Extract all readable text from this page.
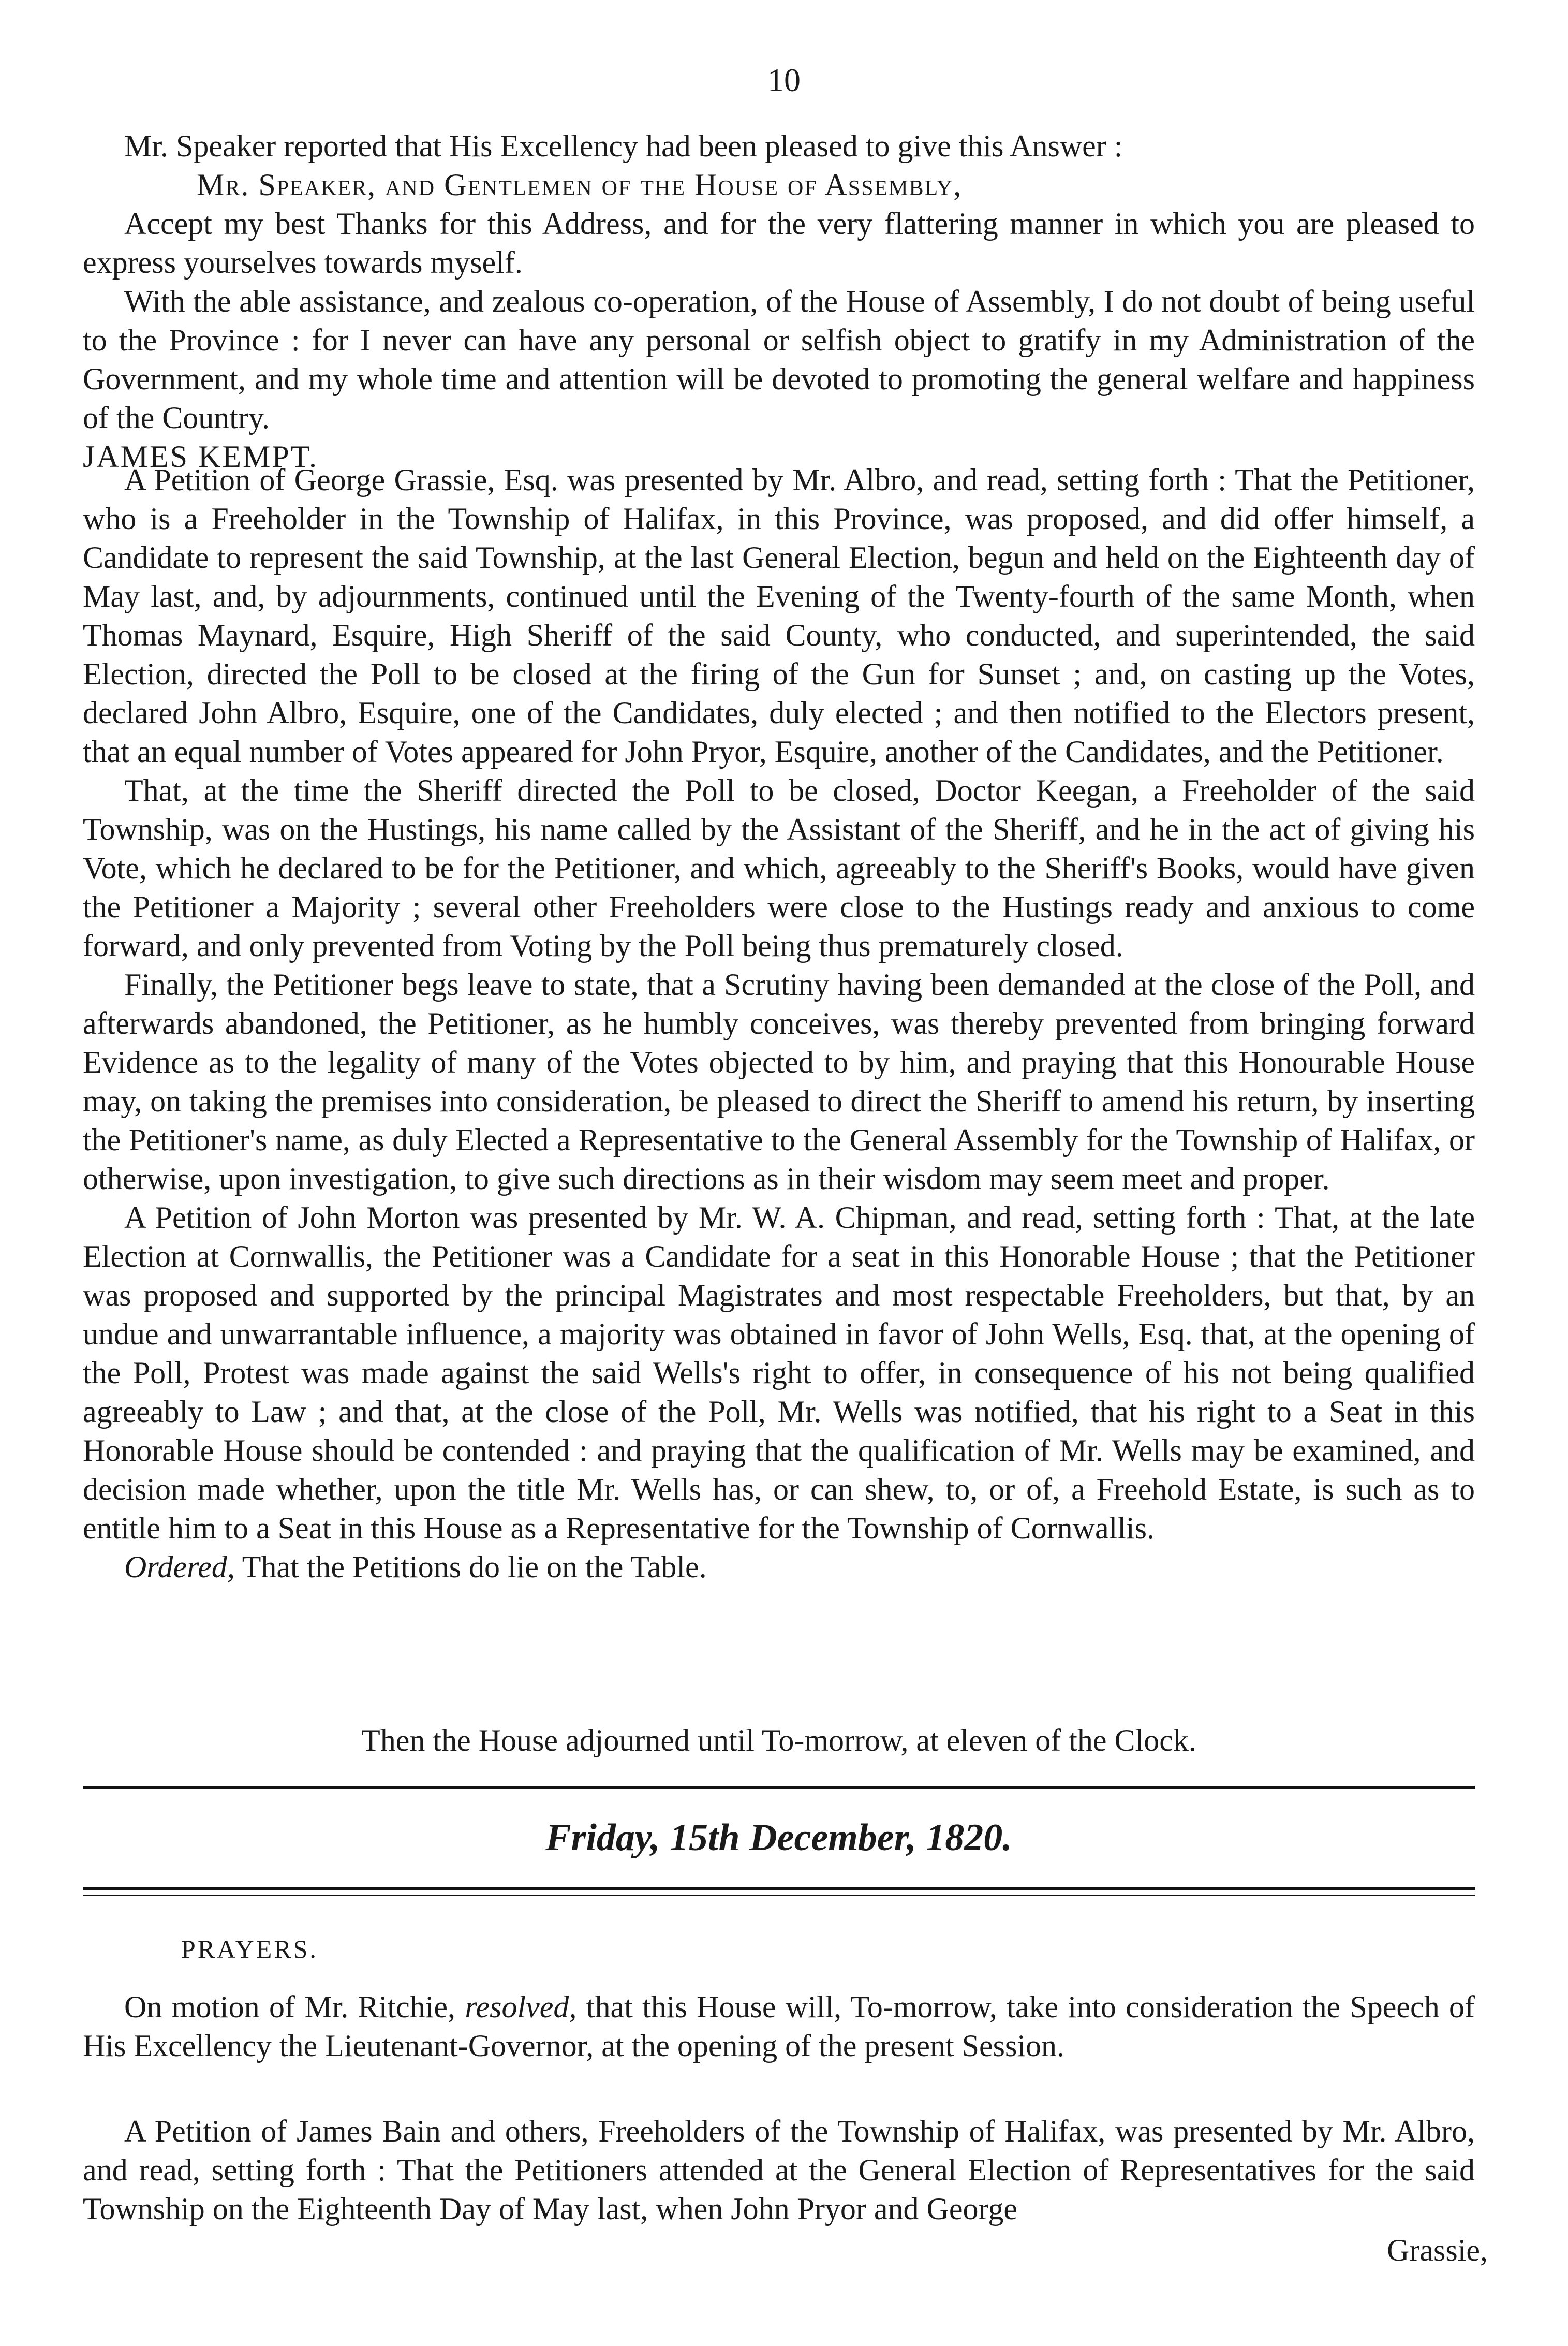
10

Mr. Speaker reported that His Excellency had been pleased to give this Answer :

Mr. Speaker, and Gentlemen of the House of Assembly,

Accept my best Thanks for this Address, and for the very flattering manner in which you are pleased to express yourselves towards myself.

With the able assistance, and zealous co-operation, of the House of Assembly, I do not doubt of being useful to the Province : for I never can have any personal or selfish object to gratify in my Administration of the Government, and my whole time and attention will be devoted to promoting the general welfare and happiness of the Country.

JAMES KEMPT.

A Petition of George Grassie, Esq. was presented by Mr. Albro, and read, setting forth : That the Petitioner, who is a Freeholder in the Township of Halifax, in this Province, was proposed, and did offer himself, a Candidate to represent the said Township, at the last General Election, begun and held on the Eighteenth day of May last, and, by adjournments, continued until the Evening of the Twenty-fourth of the same Month, when Thomas Maynard, Esquire, High Sheriff of the said County, who conducted, and superintended, the said Election, directed the Poll to be closed at the firing of the Gun for Sunset ; and, on casting up the Votes, declared John Albro, Esquire, one of the Candidates, duly elected ; and then notified to the Electors present, that an equal number of Votes appeared for John Pryor, Esquire, another of the Candidates, and the Petitioner.

That, at the time the Sheriff directed the Poll to be closed, Doctor Keegan, a Freeholder of the said Township, was on the Hustings, his name called by the Assistant of the Sheriff, and he in the act of giving his Vote, which he declared to be for the Petitioner, and which, agreeably to the Sheriff's Books, would have given the Petitioner a Majority ; several other Freeholders were close to the Hustings ready and anxious to come forward, and only prevented from Voting by the Poll being thus prematurely closed.

Finally, the Petitioner begs leave to state, that a Scrutiny having been demanded at the close of the Poll, and afterwards abandoned, the Petitioner, as he humbly conceives, was thereby prevented from bringing forward Evidence as to the legality of many of the Votes objected to by him, and praying that this Honourable House may, on taking the premises into consideration, be pleased to direct the Sheriff to amend his return, by inserting the Petitioner's name, as duly Elected a Representative to the General Assembly for the Township of Halifax, or otherwise, upon investigation, to give such directions as in their wisdom may seem meet and proper.

A Petition of John Morton was presented by Mr. W. A. Chipman, and read, setting forth : That, at the late Election at Cornwallis, the Petitioner was a Candidate for a seat in this Honorable House ; that the Petitioner was proposed and supported by the principal Magistrates and most respectable Freeholders, but that, by an undue and unwarrantable influence, a majority was obtained in favor of John Wells, Esq. that, at the opening of the Poll, Protest was made against the said Wells's right to offer, in consequence of his not being qualified agreeably to Law ; and that, at the close of the Poll, Mr. Wells was notified, that his right to a Seat in this Honorable House should be contended : and praying that the qualification of Mr. Wells may be examined, and decision made whether, upon the title Mr. Wells has, or can shew, to, or of, a Freehold Estate, is such as to entitle him to a Seat in this House as a Representative for the Township of Cornwallis.

Ordered, That the Petitions do lie on the Table.

Then the House adjourned until To-morrow, at eleven of the Clock.
Friday, 15th December, 1820.
PRAYERS.

On motion of Mr. Ritchie, resolved, that this House will, To-morrow, take into consideration the Speech of His Excellency the Lieutenant-Governor, at the opening of the present Session.

A Petition of James Bain and others, Freeholders of the Township of Halifax, was presented by Mr. Albro, and read, setting forth : That the Petitioners attended at the General Election of Representatives for the said Township on the Eighteenth Day of May last, when John Pryor and George

Grassie,
